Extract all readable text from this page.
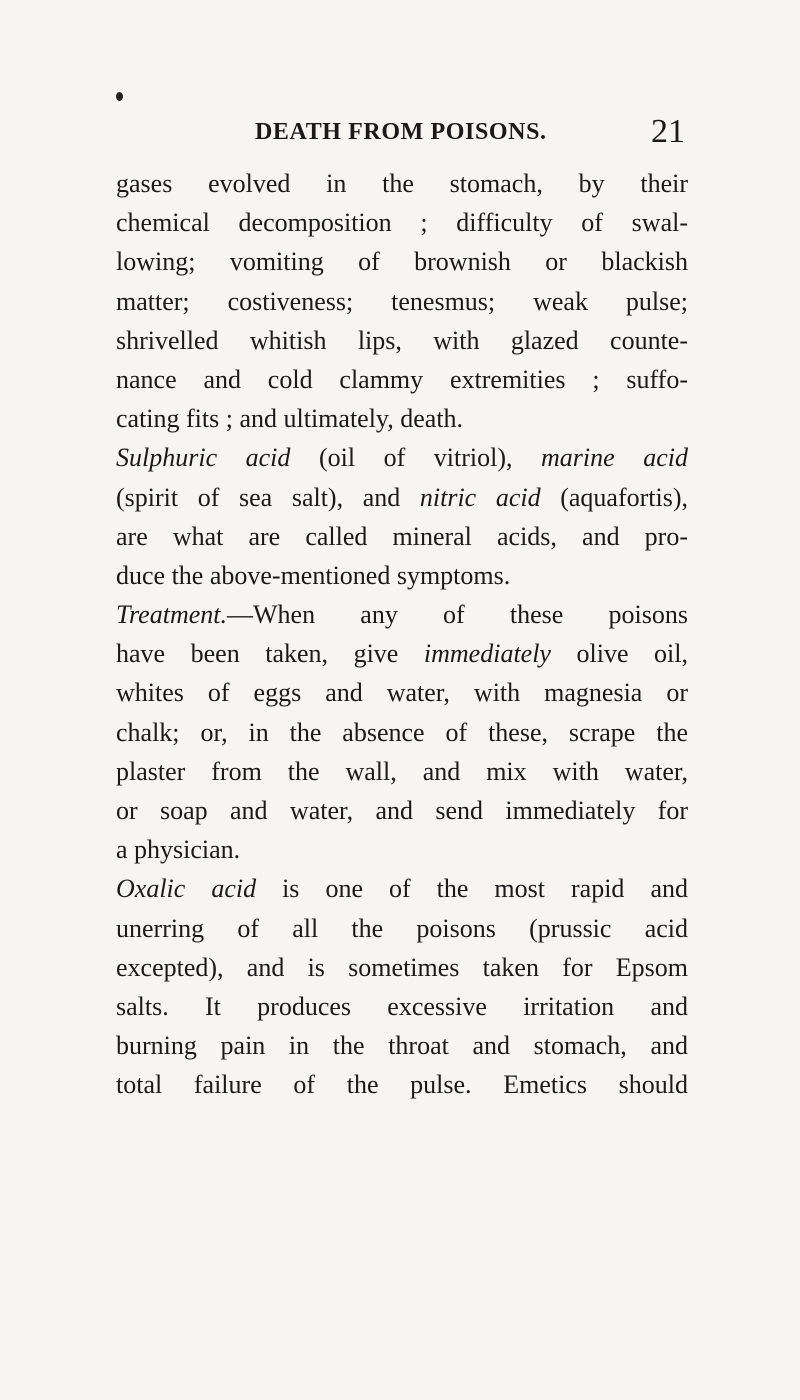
DEATH FROM POISONS.	21
gases evolved in the stomach, by their
chemical decomposition ; difficulty of swal-
lowing; vomiting of brownish or blackish
matter; costiveness; tenesmus; weak pulse;
shrivelled whitish lips, with glazed counte-
nance and cold clammy extremities ; suffo-
cating fits ; and ultimately, death.
Sulphuric acid (oil of vitriol), marine acid
(spirit of sea salt), and nitric acid (aquafortis),
are what are called mineral acids, and pro-
duce the above-mentioned symptoms.
Treatment.—When any of these poisons
have been taken, give immediately olive oil,
whites of eggs and water, with magnesia or
chalk; or, in the absence of these, scrape the
plaster from the wall, and mix with water,
or soap and water, and send immediately for
a physician.
Oxalic acid is one of the most rapid and
unerring of all the poisons (prussic acid
excepted), and is sometimes taken for Epsom
salts. It produces excessive irritation and
burning pain in the throat and stomach, and
total failure of the pulse. Emetics should
